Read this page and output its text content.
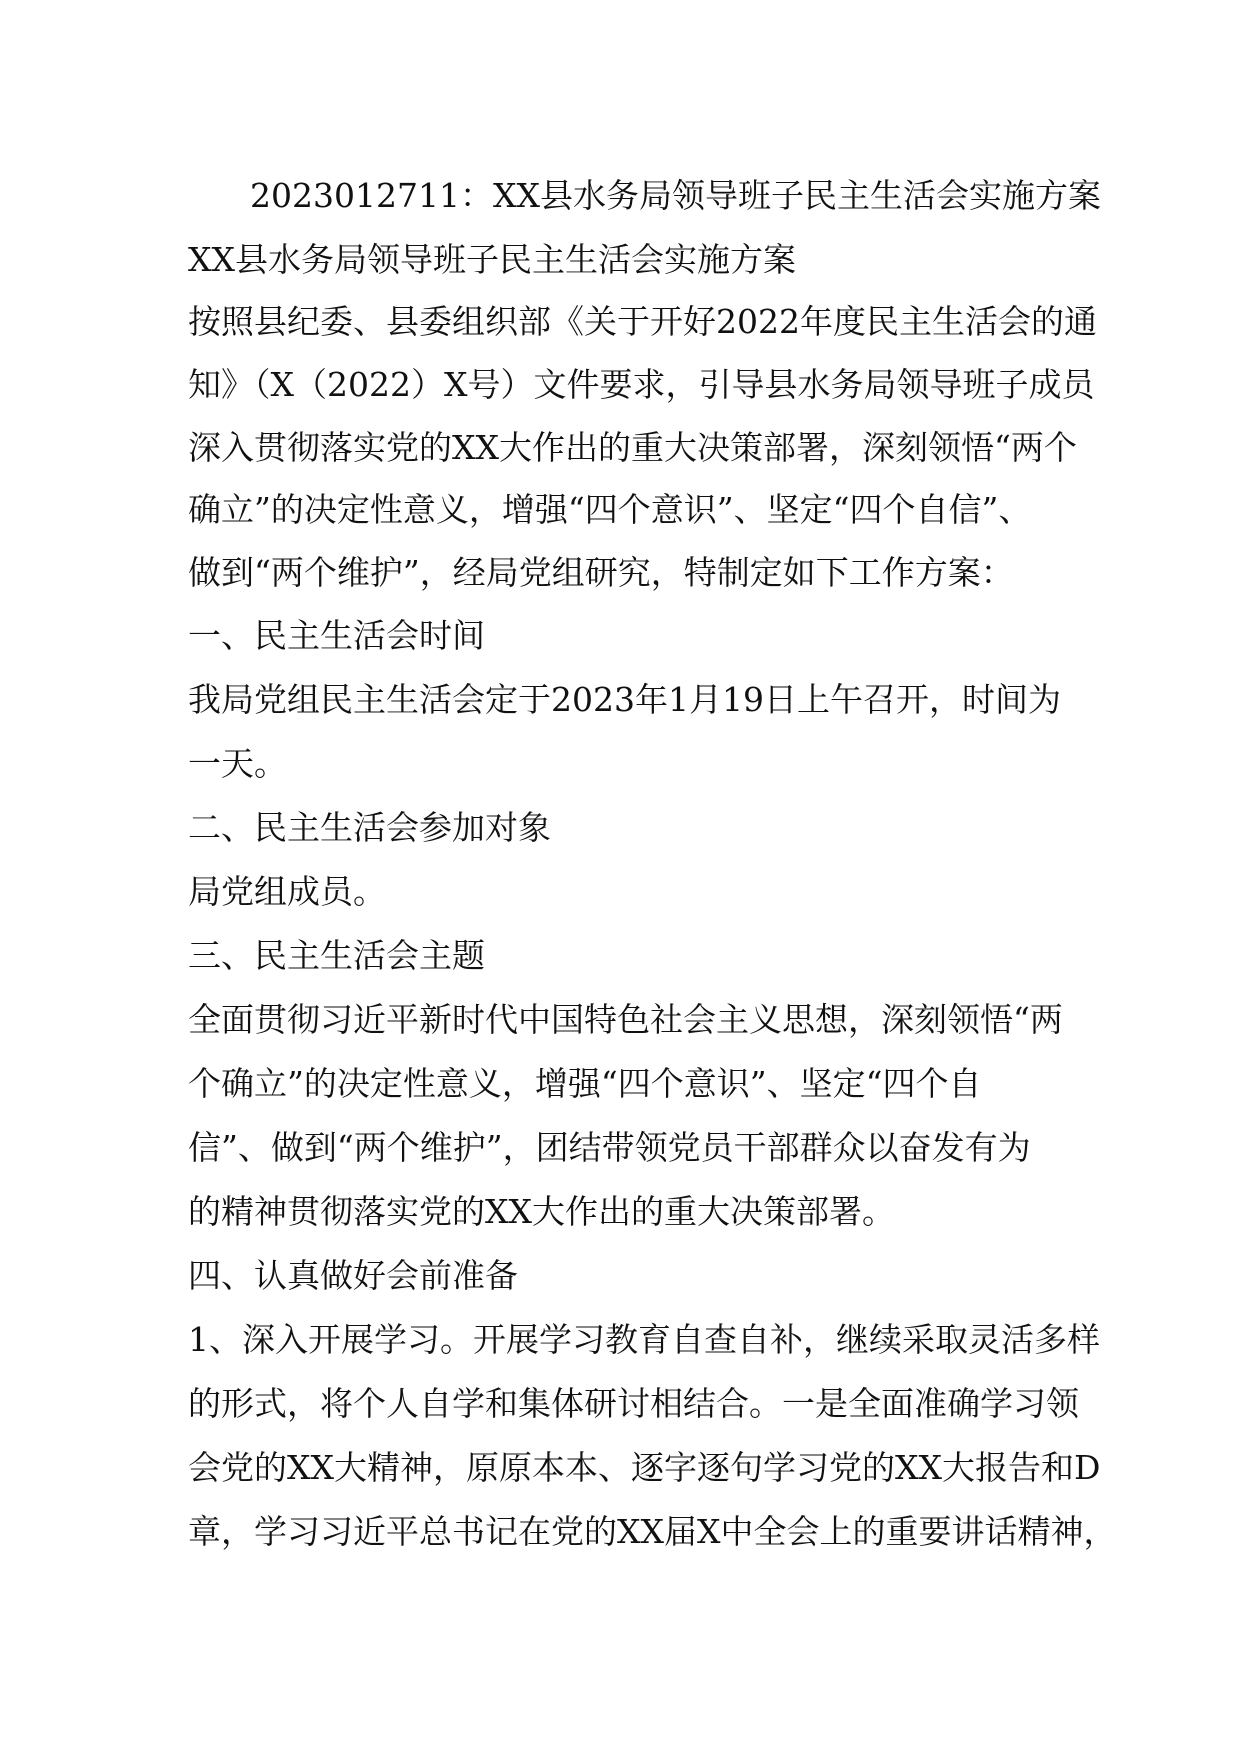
2023012711：XX县水务局领导班子民主生活会实施方案
XX县水务局领导班子民主生活会实施方案
按照县纪委、县委组织部《关于开好2022年度民主生活会的通
知》（X（2022）X号）文件要求，引导县水务局领导班子成员
深入贯彻落实党的XX大作出的重大决策部署，深刻领悟“两个
确立”的决定性意义，增强“四个意识”、坚定“四个自信”、
做到“两个维护”，经局党组研究，特制定如下工作方案：
一、民主生活会时间
我局党组民主生活会定于2023年1月19日上午召开，时间为
一天。
二、民主生活会参加对象
局党组成员。
三、民主生活会主题
全面贯彻习近平新时代中国特色社会主义思想，深刻领悟“两
个确立”的决定性意义，增强“四个意识”、坚定“四个自
信”、做到“两个维护”，团结带领党员干部群众以奋发有为
的精神贯彻落实党的XX大作出的重大决策部署。
四、认真做好会前准备
1、深入开展学习。开展学习教育自查自补，继续采取灵活多样
的形式，将个人自学和集体研讨相结合。一是全面准确学习领
会党的XX大精神，原原本本、逐字逐句学习党的XX大报告和D
章，学习习近平总书记在党的XX届X中全会上的重要讲话精神，
